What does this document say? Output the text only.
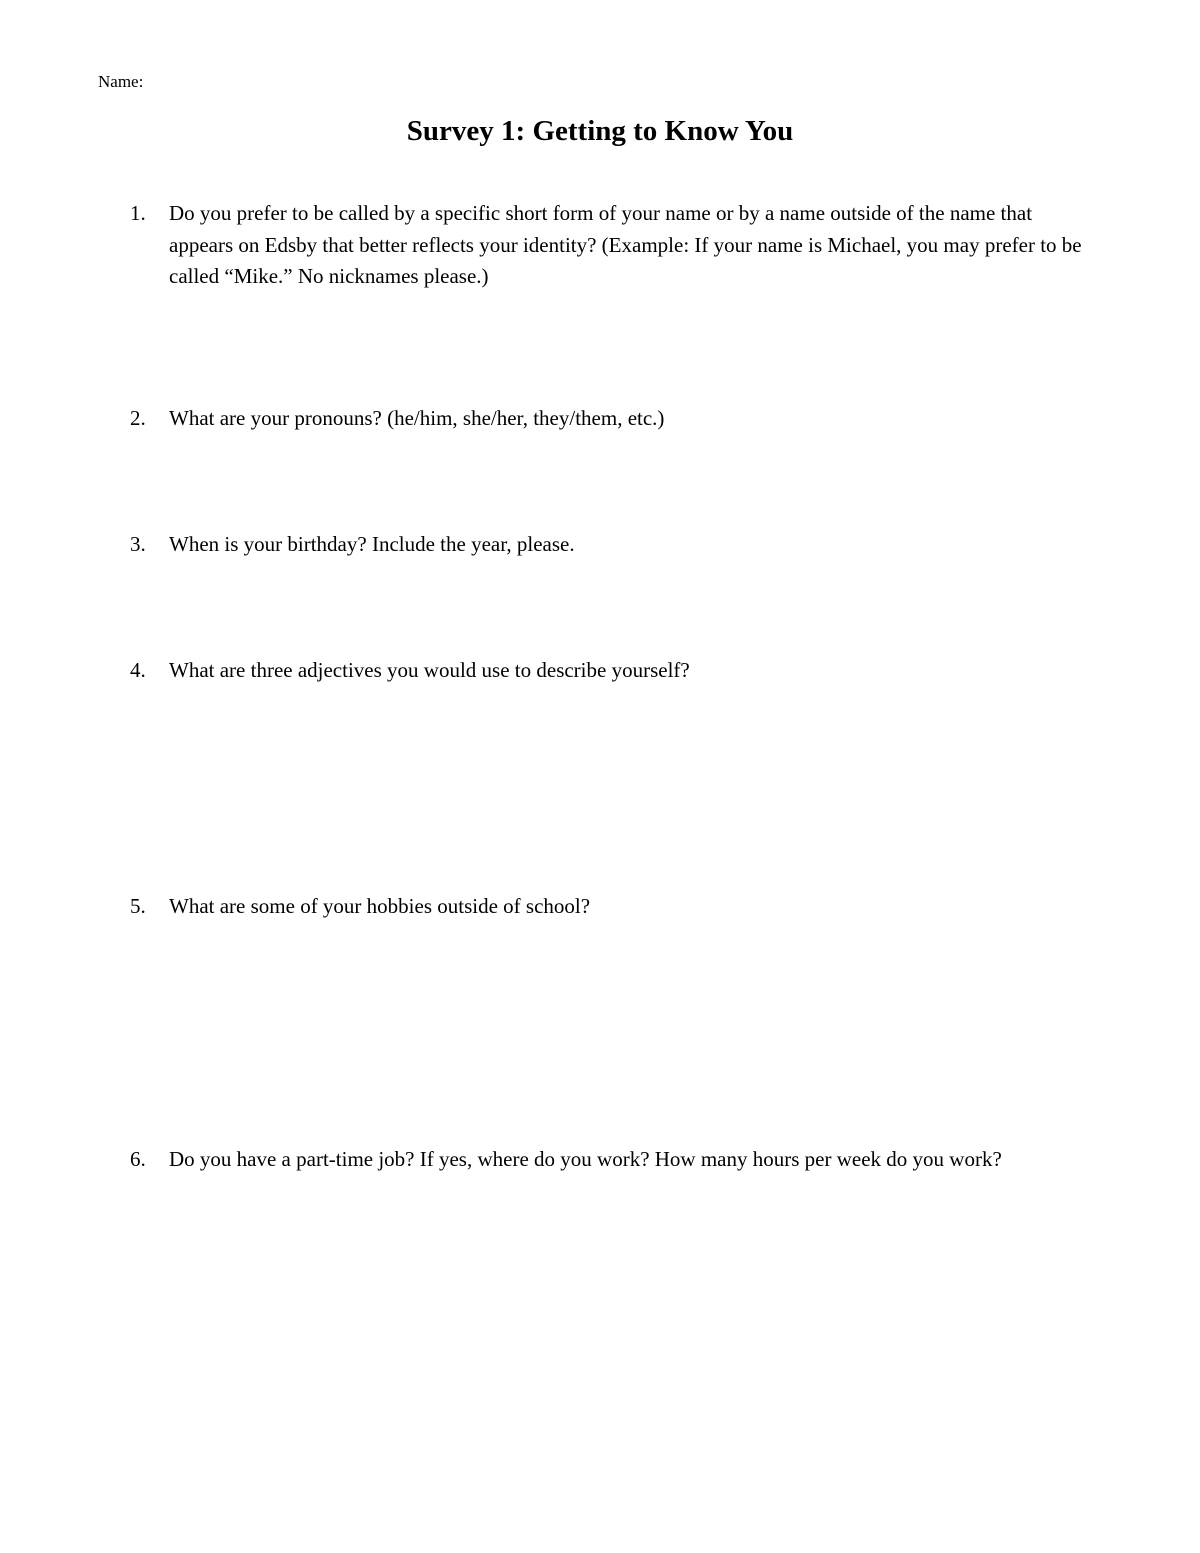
Name:
Survey 1: Getting to Know You
1.	Do you prefer to be called by a specific short form of your name or by a name outside of the name that appears on Edsby that better reflects your identity? (Example: If your name is Michael, you may prefer to be called “Mike.” No nicknames please.)
2.	What are your pronouns? (he/him, she/her, they/them, etc.)
3.	When is your birthday? Include the year, please.
4.	What are three adjectives you would use to describe yourself?
5.	What are some of your hobbies outside of school?
6.	Do you have a part-time job? If yes, where do you work? How many hours per week do you work?
